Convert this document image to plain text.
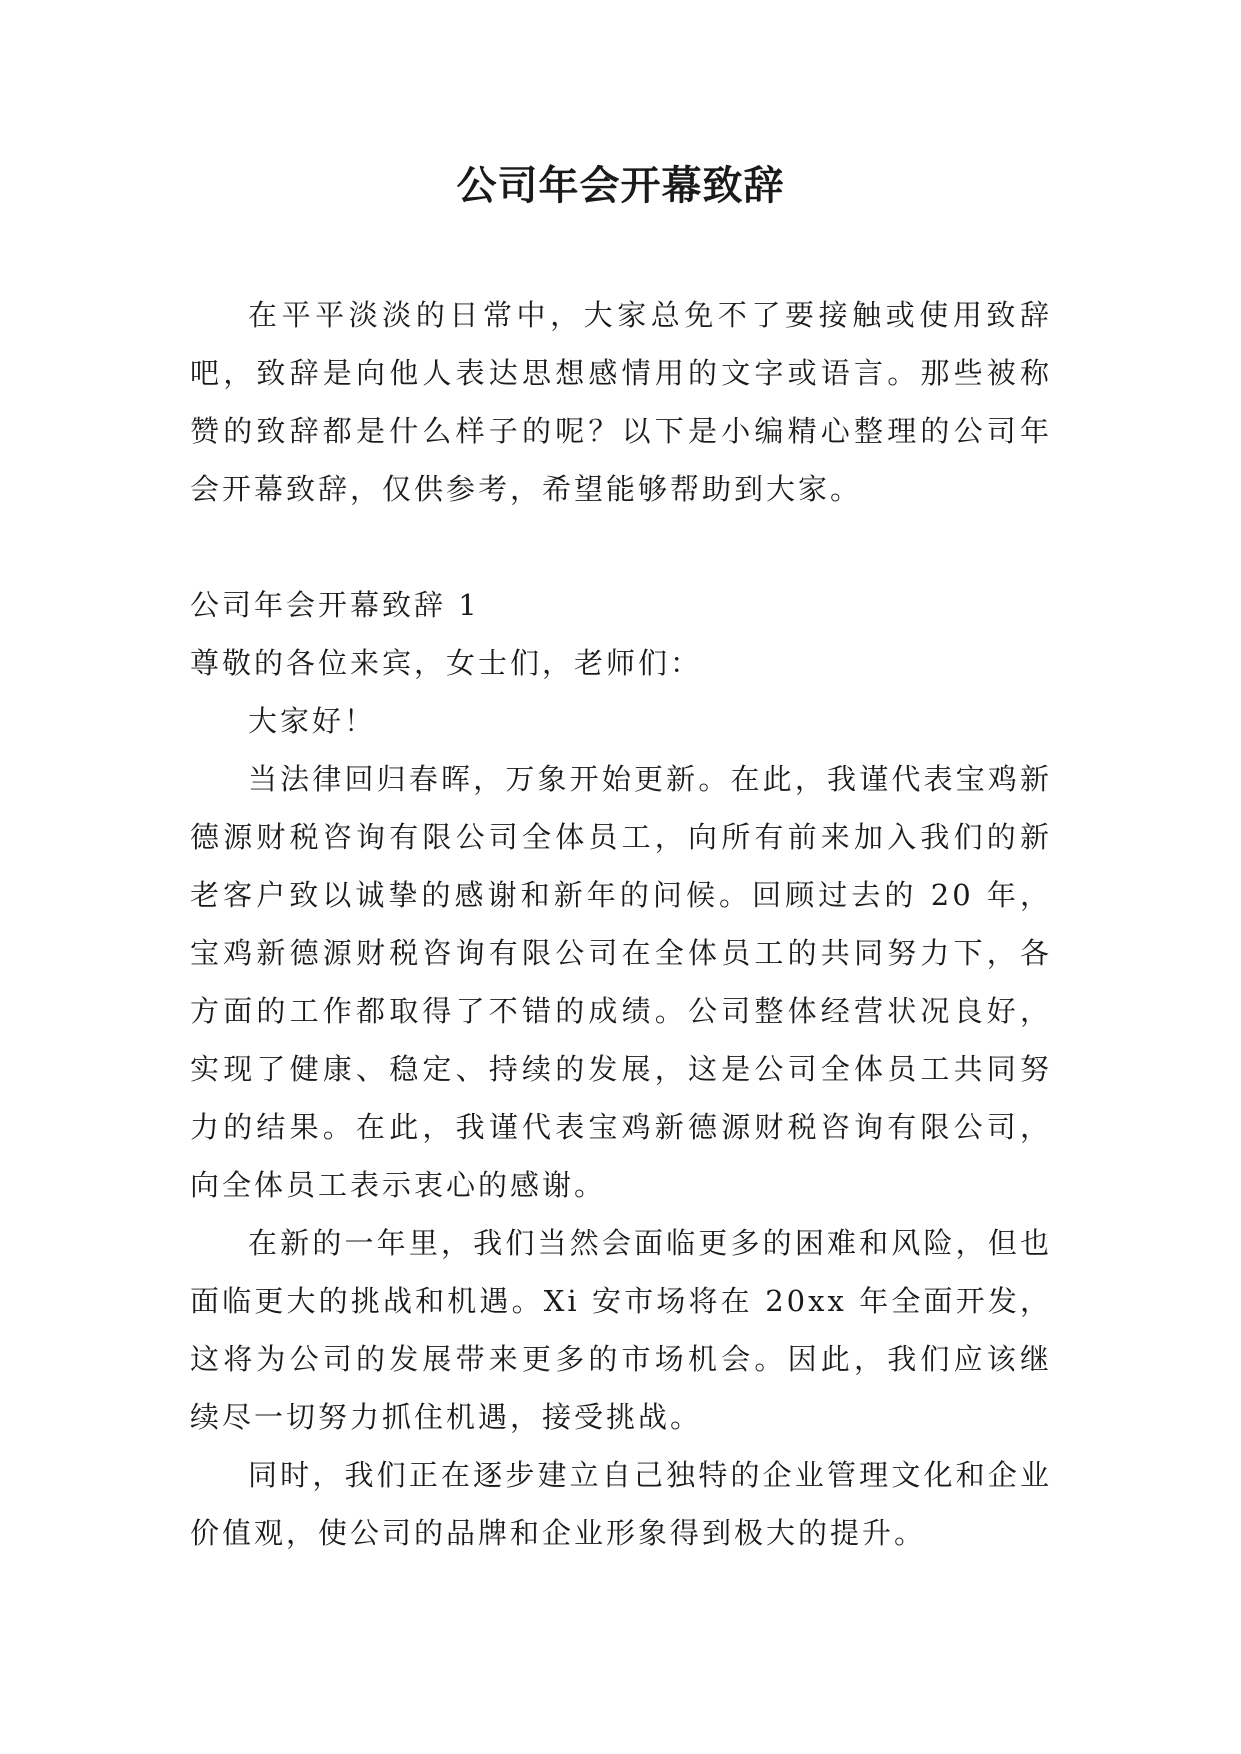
公司年会开幕致辞

在平平淡淡的日常中，大家总免不了要接触或使用致辞吧，致辞是向他人表达思想感情用的文字或语言。那些被称赞的致辞都是什么样子的呢？以下是小编精心整理的公司年会开幕致辞，仅供参考，希望能够帮助到大家。

公司年会开幕致辞 1

尊敬的各位来宾，女士们，老师们：

大家好！

当法律回归春晖，万象开始更新。在此，我谨代表宝鸡新德源财税咨询有限公司全体员工，向所有前来加入我们的新老客户致以诚挚的感谢和新年的问候。回顾过去的 20 年，宝鸡新德源财税咨询有限公司在全体员工的共同努力下，各方面的工作都取得了不错的成绩。公司整体经营状况良好，实现了健康、稳定、持续的发展，这是公司全体员工共同努力的结果。在此，我谨代表宝鸡新德源财税咨询有限公司，向全体员工表示衷心的感谢。

在新的一年里，我们当然会面临更多的困难和风险，但也面临更大的挑战和机遇。Xi 安市场将在 20xx 年全面开发，这将为公司的发展带来更多的市场机会。因此，我们应该继续尽一切努力抓住机遇，接受挑战。

同时，我们正在逐步建立自己独特的企业管理文化和企业价值观，使公司的品牌和企业形象得到极大的提升。
